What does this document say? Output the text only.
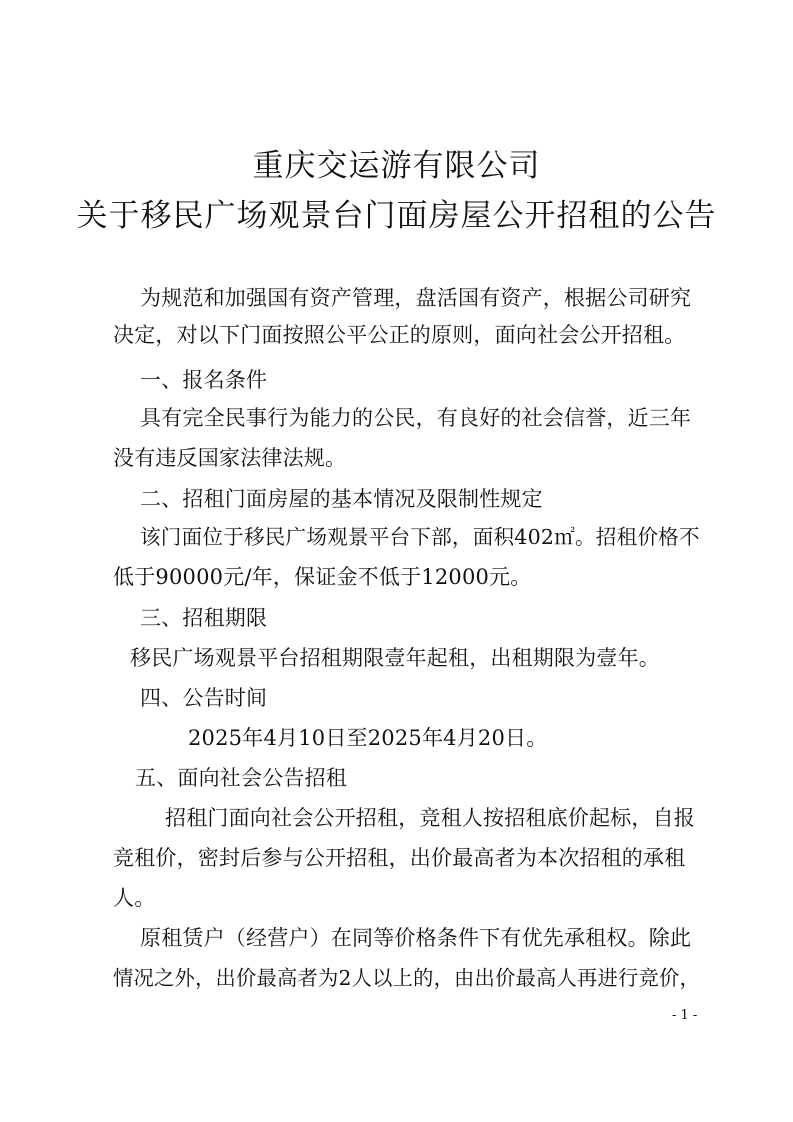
重庆交运游有限公司
关于移民广场观景台门面房屋公开招租的公告
为规范和加强国有资产管理，盘活国有资产，根据公司研究
决定，对以下门面按照公平公正的原则，面向社会公开招租。
一、报名条件
具有完全民事行为能力的公民，有良好的社会信誉，近三年
没有违反国家法律法规。
二、招租门面房屋的基本情况及限制性规定
该门面位于移民广场观景平台下部，面积402㎡。招租价格不
低于90000元/年，保证金不低于12000元。
三、招租期限
移民广场观景平台招租期限壹年起租，出租期限为壹年。
四、公告时间
2025年4月10日至2025年4月20日。
五、面向社会公告招租
招租门面向社会公开招租，竞租人按招租底价起标，自报
竞租价，密封后参与公开招租，出价最高者为本次招租的承租
人。
原租赁户（经营户）在同等价格条件下有优先承租权。除此
情况之外，出价最高者为2人以上的，由出价最高人再进行竞价，
- 1 -
